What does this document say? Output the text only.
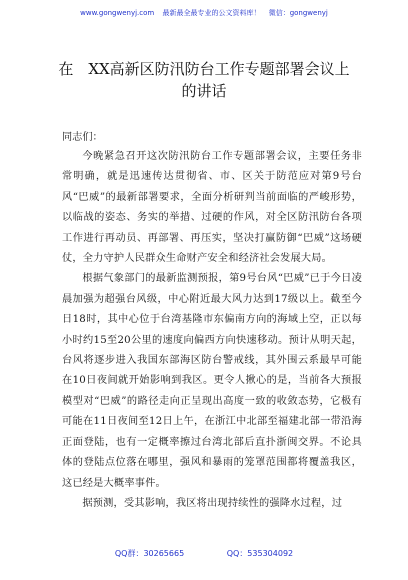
www.gongwenyj.com 最新最全最专业的公文资料库！ 微信：gongwenyj
在　XX高新区防汛防台工作专题部署会议上
的讲话
同志们：

今晚紧急召开这次防汛防台工作专题部署会议，主要任务非常明确，就是迅速传达贯彻省、市、区关于防范应对第9号台风“巴威”的最新部署要求，全面分析研判当前面临的严峻形势，以临战的姿态、务实的举措、过硬的作风，对全区防汛防台各项工作进行再动员、再部署、再压实，坚决打赢防御“巴威”这场硬仗，全力守护人民群众生命财产安全和经济社会发展大局。

根据气象部门的最新监测预报，第9号台风“巴威”已于今日凌晨加强为超强台风级，中心附近最大风力达到17级以上。截至今日18时，其中心位于台湾基隆市东偏南方向的海域上空，正以每小时约15至20公里的速度向偏西方向快速移动。预计从明天起，台风将逐步进入我国东部海区防台警戒线，其外围云系最早可能在10日夜间就开始影响到我区。更令人揪心的是，当前各大预报模型对“巴威”的路径走向正呈现出高度一致的收敛态势，它极有可能在11日夜间至12日上午，在浙江中北部至福建北部一带沿海正面登陆，也有一定概率擦过台湾北部后直扑浙闽交界。不论具体的登陆点位落在哪里，强风和暴雨的笼罩范围都将覆盖我区，这已经是大概率事件。

据预测，受其影响，我区将出现持续性的强降水过程，过

QQ群：30265665	QQ：535304092
